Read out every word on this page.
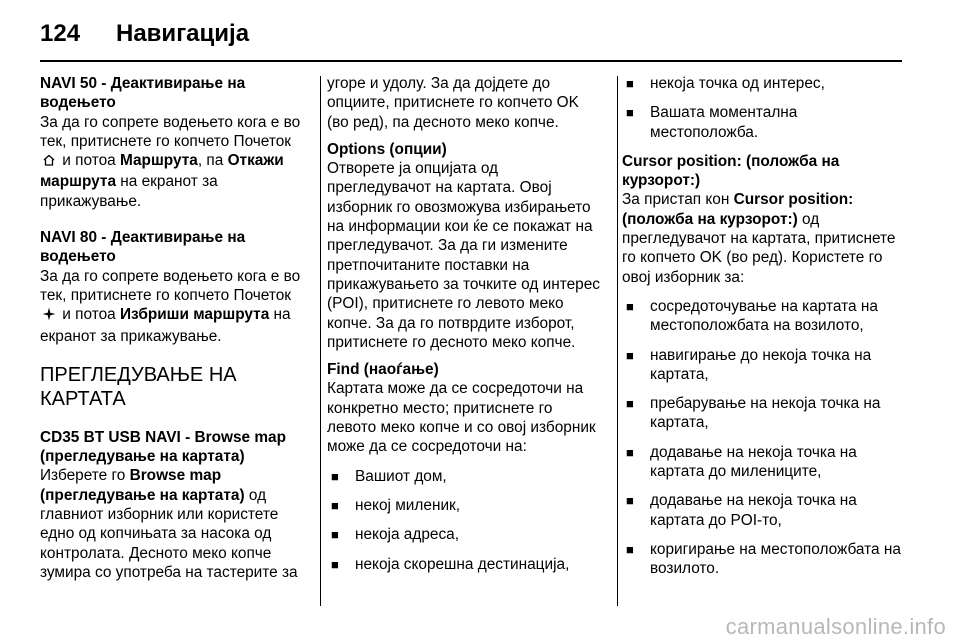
124 Навигација

NAVI 50 - Деактивирање на водењето

За да го сопрете водењето кога е во тек, притиснете го копчето Почеток  и потоа Маршрута, па Откажи маршрута на екранот за прикажување.

NAVI 80 - Деактивирање на водењето

За да го сопрете водењето кога е во тек, притиснете го копчето Почеток  и потоа Избриши маршрута на екранот за прикажување.

ПРЕГЛЕДУВАЊЕ НА КАРТАТА

CD35 BT USB NAVI - Browse map (прегледување на картата)

Изберете го Browse map (прегледување на картата) од главниот изборник или користете едно од копчињата за насока од контролата. Десното меко копче зумира со употреба на тастерите за

угоре и удолу. За да дојдете до опциите, притиснете го копчето OK (во ред), па десното меко копче.

Options (опции)

Отворете ја опцијата од прегледувачот на картата. Овој изборник го овозможува избирањето на информации кои ќе се покажат на прегледувачот. За да ги измените претпочитаните поставки на прикажувањето за точките од интерес (POI), притиснете го левото меко копче. За да го потврдите изборот, притиснете го десното меко копче.

Find (наоѓање)

Картата може да се сосредоточи на конкретно место; притиснете го левото меко копче и со овој изборник може да се сосредоточи на:

■ Вашиот дом,

■ некој миленик,

■ некоја адреса,

■ некоја скорешна дестинација,

■ некоја точка од интерес,

■ Вашата моментална местоположба.

Cursor position: (положба на курзорот:)

За пристап кон Cursor position: (положба на курзорот:) од прегледувачот на картата, притиснете го копчето OK (во ред). Користете го овој изборник за:

■ сосредоточување на картата на местоположбата на возилото,

■ навигирање до некоја точка на картата,

■ пребарување на некоја точка на картата,

■ додавање на некоја точка на картата до милениците,

■ додавање на некоја точка на картата до POI-то,

■ коригирање на местоположбата на возилото.

carmanualsonline.info
